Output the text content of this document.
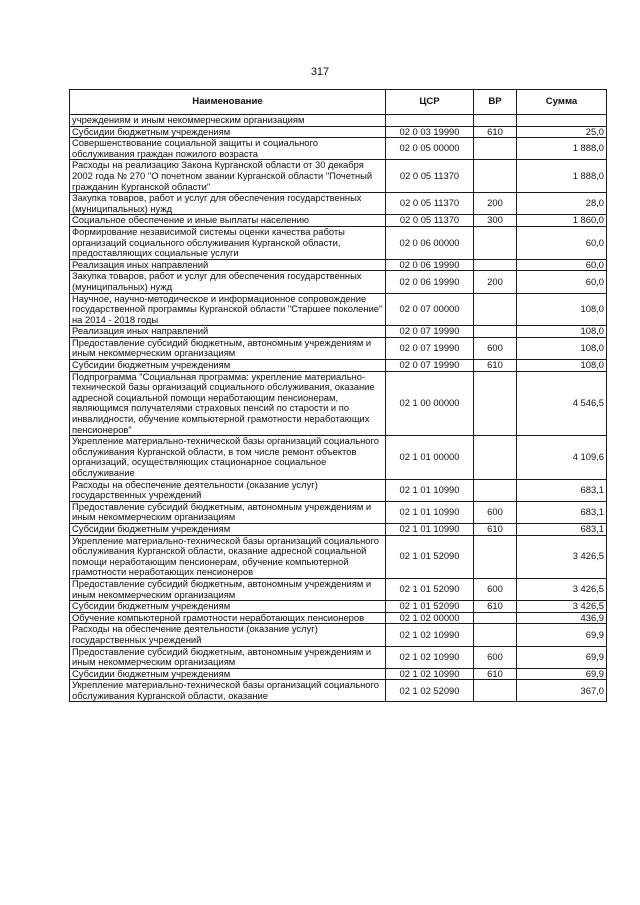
317
Наименование	ЦСР	ВР	Сумма
учреждениям и иным некоммерческим организациям			
Субсидии бюджетным учреждениям	02 0 03 19990	610	25,0
Совершенствование социальной защиты и социального обслуживания граждан пожилого возраста	02 0 05 00000		1 888,0
Расходы на реализацию Закона Курганской области от 30 декабря 2002 года № 270 "О почетном звании Курганской области "Почетный гражданин Курганской области"	02 0 05 11370		1 888,0
Закупка товаров, работ и услуг для обеспечения государственных (муниципальных) нужд	02 0 05 11370	200	28,0
Социальное обеспечение и иные выплаты населению	02 0 05 11370	300	1 860,0
Формирование независимой системы оценки качества работы организаций социального обслуживания Курганской области, предоставляющих социальные услуги	02 0 06 00000		60,0
Реализация иных направлений	02 0 06 19990		60,0
Закупка товаров, работ и услуг для обеспечения государственных (муниципальных) нужд	02 0 06 19990	200	60,0
Научное, научно-методическое и информационное сопровождение государственной программы Курганской области "Старшее поколение" на 2014 - 2018 годы	02 0 07 00000		108,0
Реализация иных направлений	02 0 07 19990		108,0
Предоставление субсидий бюджетным, автономным учреждениям и иным некоммерческим организациям	02 0 07 19990	600	108,0
Субсидии бюджетным учреждениям	02 0 07 19990	610	108,0
Подпрограмма "Социальная программа: укрепление материально-технической базы организаций социального обслуживания, оказание адресной социальной помощи неработающим пенсионерам, являющимся получателями страховых пенсий по старости и по инвалидности, обучение компьютерной грамотности неработающих пенсионеров"	02 1 00 00000		4 546,5
Укрепление материально-технической базы организаций социального обслуживания Курганской области, в том числе ремонт объектов организаций, осуществляющих стационарное социальное обслуживание	02 1 01 00000		4 109,6
Расходы на обеспечение деятельности (оказание услуг) государственных учреждений	02 1 01 10990		683,1
Предоставление субсидий бюджетным, автономным учреждениям и иным некоммерческим организациям	02 1 01 10990	600	683,1
Субсидии бюджетным учреждениям	02 1 01 10990	610	683,1
Укрепление материально-технической базы организаций социального обслуживания Курганской области, оказание адресной социальной помощи неработающим пенсионерам, обучение компьютерной грамотности неработающих пенсионеров	02 1 01 52090		3 426,5
Предоставление субсидий бюджетным, автономным учреждениям и иным некоммерческим организациям	02 1 01 52090	600	3 426,5
Субсидии бюджетным учреждениям	02 1 01 52090	610	3 426,5
Обучение компьютерной грамотности неработающих пенсионеров	02 1 02 00000		436,9
Расходы на обеспечение деятельности (оказание услуг) государственных учреждений	02 1 02 10990		69,9
Предоставление субсидий бюджетным, автономным учреждениям и иным некоммерческим организациям	02 1 02 10990	600	69,9
Субсидии бюджетным учреждениям	02 1 02 10990	610	69,9
Укрепление материально-технической базы организаций социального обслуживания Курганской области, оказание	02 1 02 52090		367,0
